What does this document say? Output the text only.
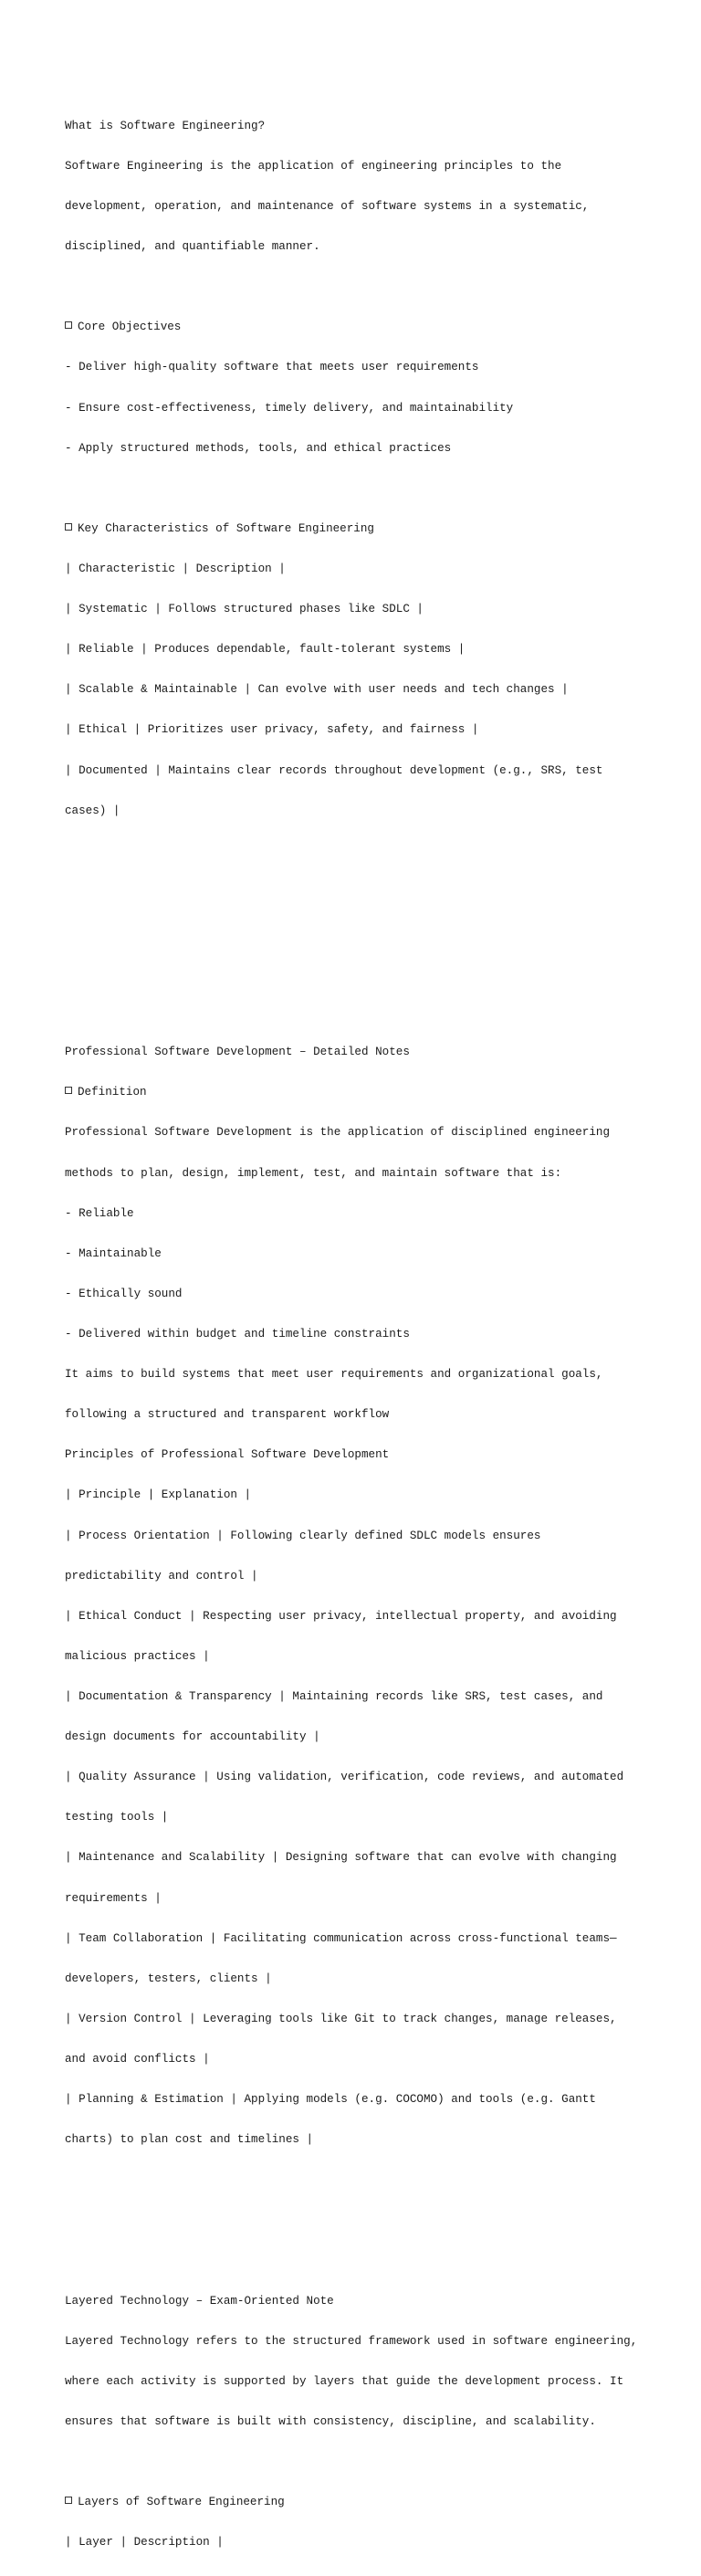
What is Software Engineering?

Software Engineering is the application of engineering principles to the

development, operation, and maintenance of software systems in a systematic,

disciplined, and quantifiable manner.

Core Objectives

- Deliver high-quality software that meets user requirements

- Ensure cost-effectiveness, timely delivery, and maintainability

- Apply structured methods, tools, and ethical practices

Key Characteristics of Software Engineering

| Characteristic | Description |

| Systematic | Follows structured phases like SDLC |

| Reliable | Produces dependable, fault-tolerant systems |

| Scalable & Maintainable | Can evolve with user needs and tech changes |

| Ethical | Prioritizes user privacy, safety, and fairness |

| Documented | Maintains clear records throughout development (e.g., SRS, test

cases) |

Professional Software Development – Detailed Notes

Definition

Professional Software Development is the application of disciplined engineering

methods to plan, design, implement, test, and maintain software that is:

- Reliable

- Maintainable

- Ethically sound

- Delivered within budget and timeline constraints

It aims to build systems that meet user requirements and organizational goals,

following a structured and transparent workflow

Principles of Professional Software Development

| Principle | Explanation |

| Process Orientation | Following clearly defined SDLC models ensures

predictability and control |

| Ethical Conduct | Respecting user privacy, intellectual property, and avoiding

malicious practices |

| Documentation & Transparency | Maintaining records like SRS, test cases, and

design documents for accountability |

| Quality Assurance | Using validation, verification, code reviews, and automated

testing tools |

| Maintenance and Scalability | Designing software that can evolve with changing

requirements |

| Team Collaboration | Facilitating communication across cross-functional teams—

developers, testers, clients |

| Version Control | Leveraging tools like Git to track changes, manage releases,

and avoid conflicts |

| Planning & Estimation | Applying models (e.g. COCOMO) and tools (e.g. Gantt

charts) to plan cost and timelines |

Layered Technology – Exam-Oriented Note

Layered Technology refers to the structured framework used in software engineering,

where each activity is supported by layers that guide the development process. It

ensures that software is built with consistency, discipline, and scalability.

Layers of Software Engineering

| Layer | Description |
